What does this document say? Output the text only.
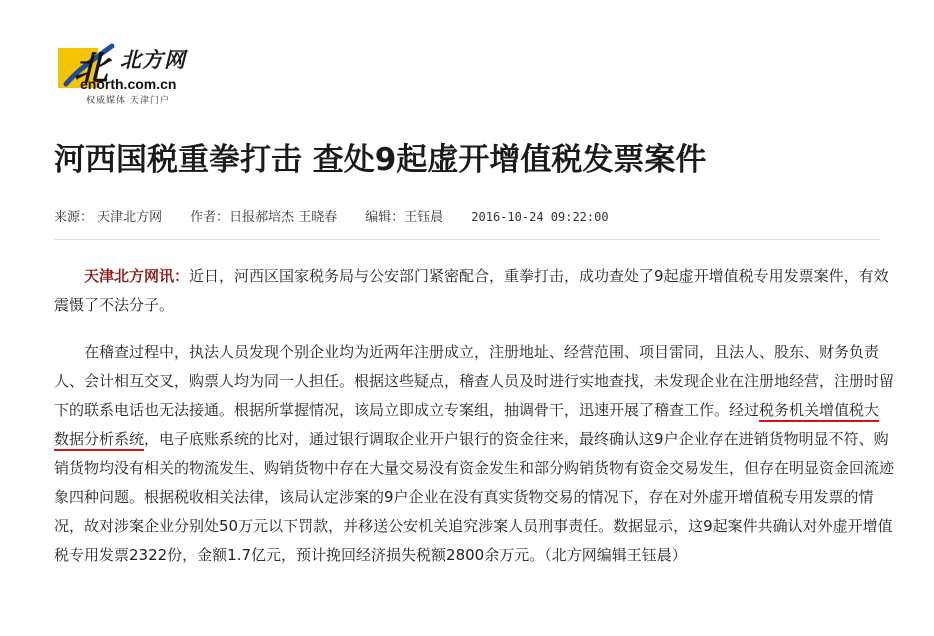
北 北方网
enorth.com.cn
权威媒体 天津门户
河西国税重拳打击 查处9起虚开增值税发票案件
来源： 天津北方网 作者：日报郝培杰 王晓春 编辑：王钰晨 2016-10-24 09:22:00

天津北方网讯：近日，河西区国家税务局与公安部门紧密配合，重拳打击，成功查处了9起虚开增值税专用发票案件，有效震慑了不法分子。

在稽查过程中，执法人员发现个别企业均为近两年注册成立，注册地址、经营范围、项目雷同，且法人、股东、财务负责人、会计相互交叉，购票人均为同一人担任。根据这些疑点，稽查人员及时进行实地查找，未发现企业在注册地经营，注册时留下的联系电话也无法接通。根据所掌握情况，该局立即成立专案组，抽调骨干，迅速开展了稽查工作。经过税务机关增值税大数据分析系统，电子底账系统的比对，通过银行调取企业开户银行的资金往来，最终确认这9户企业存在进销货物明显不符、购销货物均没有相关的物流发生、购销货物中存在大量交易没有资金发生和部分购销货物有资金交易发生，但存在明显资金回流迹象四种问题。根据税收相关法律，该局认定涉案的9户企业在没有真实货物交易的情况下，存在对外虚开增值税专用发票的情况，故对涉案企业分别处50万元以下罚款，并移送公安机关追究涉案人员刑事责任。数据显示，这9起案件共确认对外虚开增值税专用发票2322份，金额1.7亿元，预计挽回经济损失税额2800余万元。（北方网编辑王钰晨）
